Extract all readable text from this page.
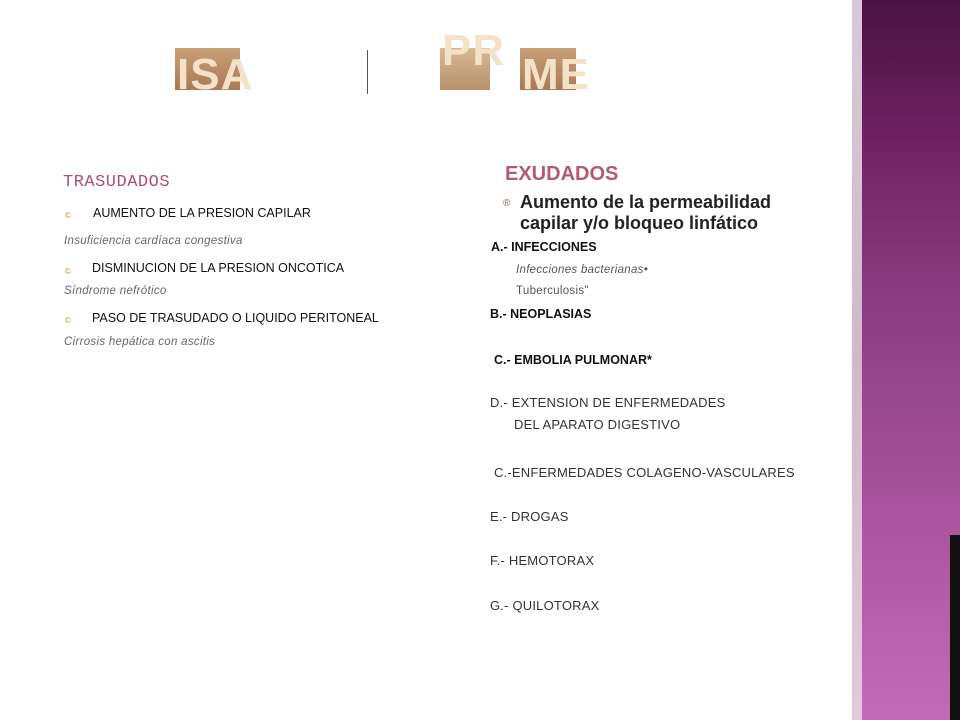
ISA	PR ME
TRASUDADOS
© AUMENTO DE LA PRESION CAPILAR
Insuficiencia cardíaca congestiva
© DISMINUCION DE LA PRESION ONCOTICA
Síndrome nefrótico
© PASO DE TRASUDADO O LIQUIDO PERITONEAL
Cirrosis hepática con ascitis
EXUDADOS
® Aumento de la permeabilidad capilar y/o bloqueo linfático
A.- INFECCIONES
Infecciones bacterianas•
Tuberculosis"
B.- NEOPLASIAS
C.- EMBOLIA PULMONAR*
D.- EXTENSION DE ENFERMEDADES
DEL APARATO DIGESTIVO
C.-ENFERMEDADES COLAGENO-VASCULARES
E.- DROGAS
F.- HEMOTORAX
G.- QUILOTORAX
